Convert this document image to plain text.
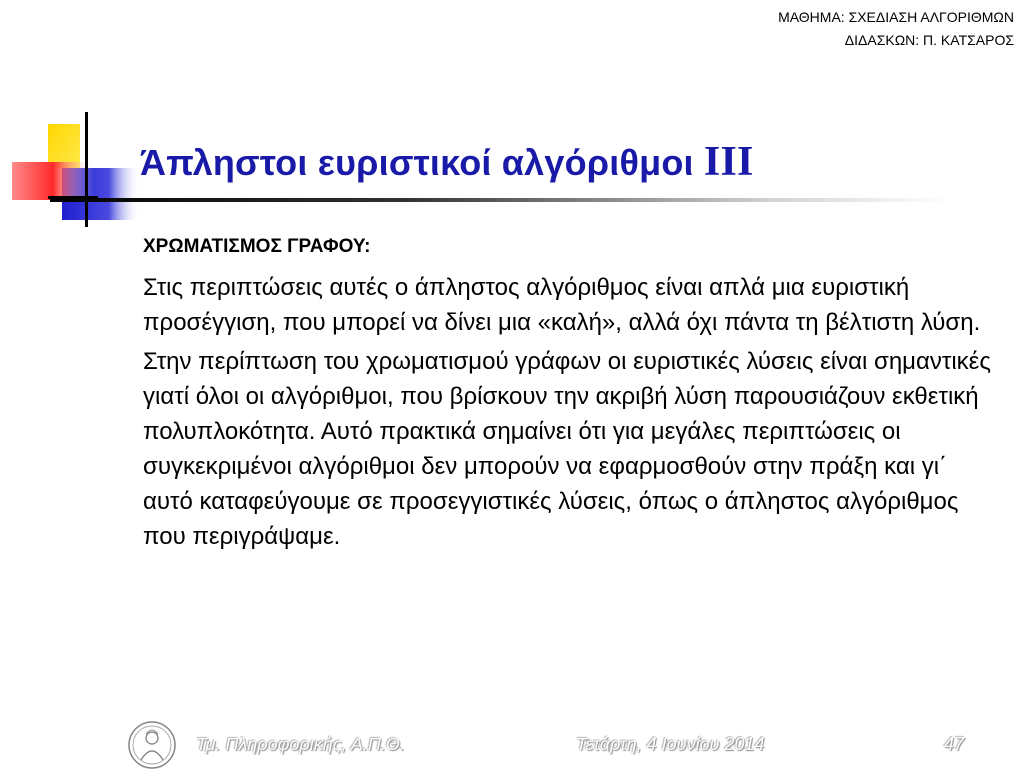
ΜΑΘΗΜΑ: ΣΧΕΔΙΑΣΗ ΑΛΓΟΡΙΘΜΩΝ
ΔΙΔΑΣΚΩΝ: Π. ΚΑΤΣΑΡΟΣ
Άπληστοι ευριστικοί αλγόριθμοι III
ΧΡΩΜΑΤΙΣΜΟΣ ΓΡΑΦΟΥ:

Στις περιπτώσεις αυτές ο άπληστος αλγόριθμος είναι απλά μια ευριστική προσέγγιση, που μπορεί να δίνει μια «καλή», αλλά όχι πάντα τη βέλτιστη λύση.

Στην περίπτωση του χρωματισμού γράφων οι ευριστικές λύσεις είναι σημαντικές γιατί όλοι οι αλγόριθμοι, που βρίσκουν την ακριβή λύση παρουσιάζουν εκθετική πολυπλοκότητα. Αυτό πρακτικά σημαίνει ότι για μεγάλες περιπτώσεις οι συγκεκριμένοι αλγόριθμοι δεν μπορούν να εφαρμοσθούν στην πράξη και γι΄ αυτό καταφεύγουμε σε προσεγγιστικές λύσεις, όπως ο άπληστος αλγόριθμος που περιγράψαμε.

Τμ. Πληροφορικής, Α.Π.Θ.	Τετάρτη, 4 Ιουνίου 2014	47
